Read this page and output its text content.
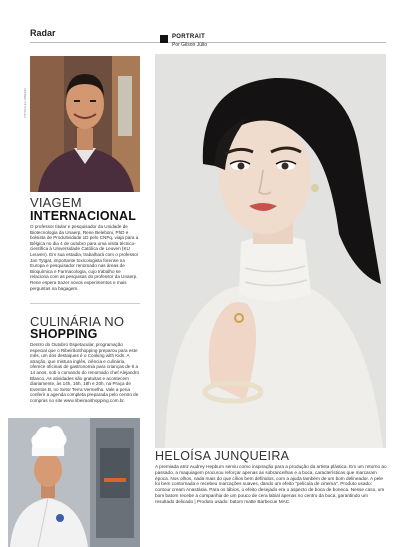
Radar
FOTO/ALEX RIBEIRO
VIAGEM
INTERNACIONAL
O professor titular e pesquisador da Unidade de Biotecnologia da Unaerp, Rene Beleboni, PhD e bolsista de Produtividade 1D pelo CNPq, viaja para a Bélgica no dia 4 de outubro para uma visita técnico-científica à Universidade Católica de Leuven (KU Leuven). Em sua estadia, trabalhará com o professor Jan Tytgat, importante toxicologista forense na Europa e pesquisador renomado nas áreas de Bioquímica e Farmacologia, cujo trabalho se relaciona com as pesquisas do professor da Unaerp. Rene espera trazer novos experimentos e mais perguntas na bagagem.
CULINÁRIA NO
SHOPPING
Dentro do Outubro Espetacular, programação especial que o RibeirãoShopping preparou para este mês, um dos destaques é o Cooking with Kids. A atração, que mistura inglês, ciência e culinária, oferece oficinas de gastronomia para crianças de 6 a 14 anos, sob o comando do renomado chef Alejandro Blanco. As atividades são gratuitas e acontecem diariamente, às 14h, 16h, 18h e 20h, na Praça de Eventos B, no Setor Terra Vermelha. Vale a pena conferir a agenda completa preparada pelo centro de compras no site www.ribeiraoshopping.com.br.
PORTRAIT
Por Gilson Júlio
HELOÍSA JUNQUEIRA
A premiada atriz Audrey Hepburn serviu como inspiração para a produção da artista plástica. Em um retorno ao passado, a maquiagem procurou reforçar apenas as sobrancelhas e a boca, características que marcaram época. Nos olhos, nada mais do que cílios bem definidos, com a ajuda também de um bom delineador. A pele foi bem contornada e recebeu marcações suaves, dando um efeito "película de cinema". Produto usado: contour cream Anastásia. Para os lábios, o efeito desejado era o aspecto de boca de boneca. Nesse caso, um bom batom recebe a companhia de um pouco de cera labial apenas no centro da boca, garantindo um resultado delicado | Produto usado: batom matte Barbecue MAC.
